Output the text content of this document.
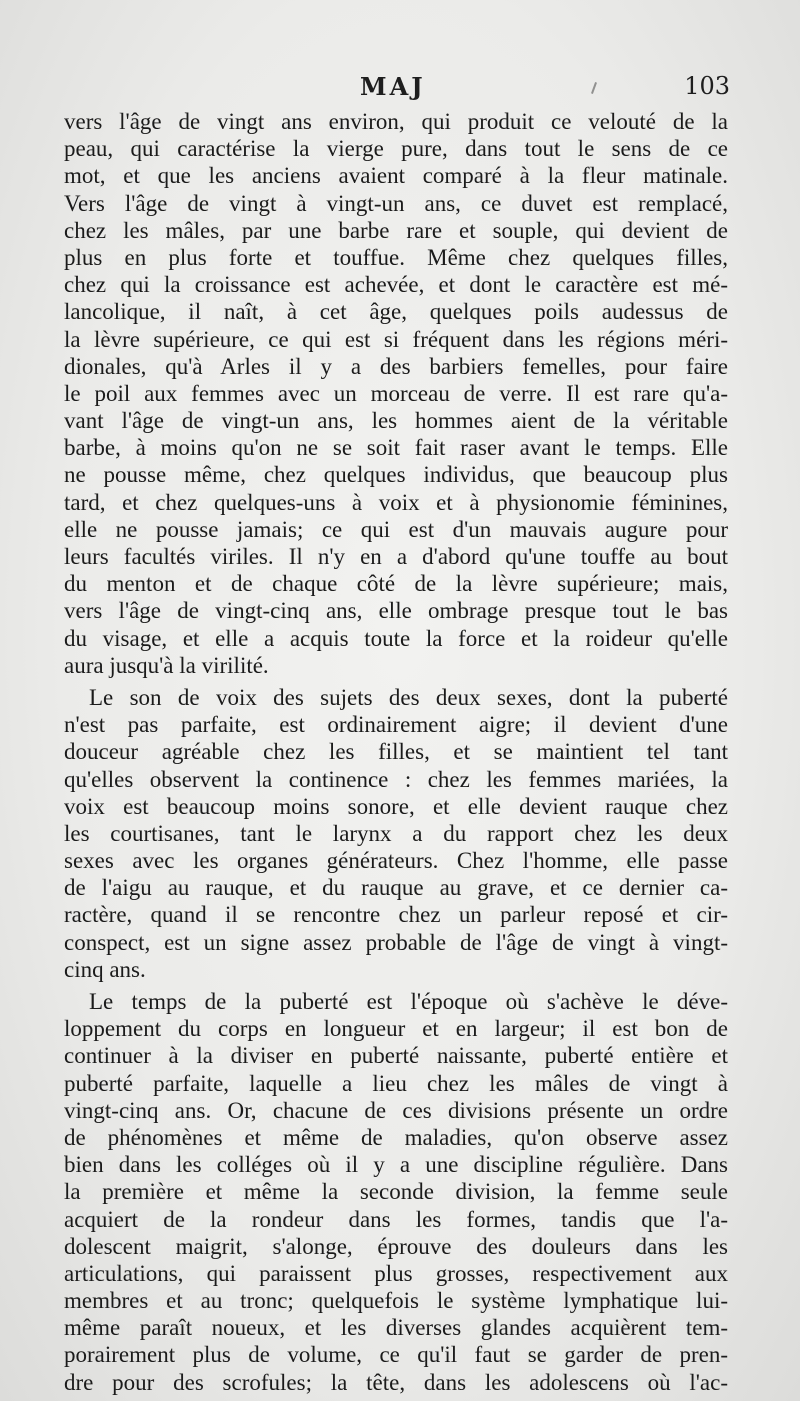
MAJ	103
vers l'âge de vingt ans environ, qui produit ce velouté de la
peau, qui caractérise la vierge pure, dans tout le sens de ce
mot, et que les anciens avaient comparé à la fleur matinale.
Vers l'âge de vingt à vingt-un ans, ce duvet est remplacé,
chez les mâles, par une barbe rare et souple, qui devient de
plus en plus forte et touffue. Même chez quelques filles,
chez qui la croissance est achevée, et dont le caractère est mé-
lancolique, il naît, à cet âge, quelques poils audessus de
la lèvre supérieure, ce qui est si fréquent dans les régions méri-
dionales, qu'à Arles il y a des barbiers femelles, pour faire
le poil aux femmes avec un morceau de verre. Il est rare qu'a-
vant l'âge de vingt-un ans, les hommes aient de la véritable
barbe, à moins qu'on ne se soit fait raser avant le temps. Elle
ne pousse même, chez quelques individus, que beaucoup plus
tard, et chez quelques-uns à voix et à physionomie féminines,
elle ne pousse jamais; ce qui est d'un mauvais augure pour
leurs facultés viriles. Il n'y en a d'abord qu'une touffe au bout
du menton et de chaque côté de la lèvre supérieure; mais,
vers l'âge de vingt-cinq ans, elle ombrage presque tout le bas
du visage, et elle a acquis toute la force et la roideur qu'elle
aura jusqu'à la virilité.
Le son de voix des sujets des deux sexes, dont la puberté
n'est pas parfaite, est ordinairement aigre; il devient d'une
douceur agréable chez les filles, et se maintient tel tant
qu'elles observent la continence : chez les femmes mariées, la
voix est beaucoup moins sonore, et elle devient rauque chez
les courtisanes, tant le larynx a du rapport chez les deux
sexes avec les organes générateurs. Chez l'homme, elle passe
de l'aigu au rauque, et du rauque au grave, et ce dernier ca-
ractère, quand il se rencontre chez un parleur reposé et cir-
conspect, est un signe assez probable de l'âge de vingt à vingt-
cinq ans.
Le temps de la puberté est l'époque où s'achève le déve-
loppement du corps en longueur et en largeur; il est bon de
continuer à la diviser en puberté naissante, puberté entière et
puberté parfaite, laquelle a lieu chez les mâles de vingt à
vingt-cinq ans. Or, chacune de ces divisions présente un ordre
de phénomènes et même de maladies, qu'on observe assez
bien dans les colléges où il y a une discipline régulière. Dans
la première et même la seconde division, la femme seule
acquiert de la rondeur dans les formes, tandis que l'a-
dolescent maigrit, s'alonge, éprouve des douleurs dans les
articulations, qui paraissent plus grosses, respectivement aux
membres et au tronc; quelquefois le système lymphatique lui-
même paraît noueux, et les diverses glandes acquièrent tem-
porairement plus de volume, ce qu'il faut se garder de pren-
dre pour des scrofules; la tête, dans les adolescens où l'ac-
